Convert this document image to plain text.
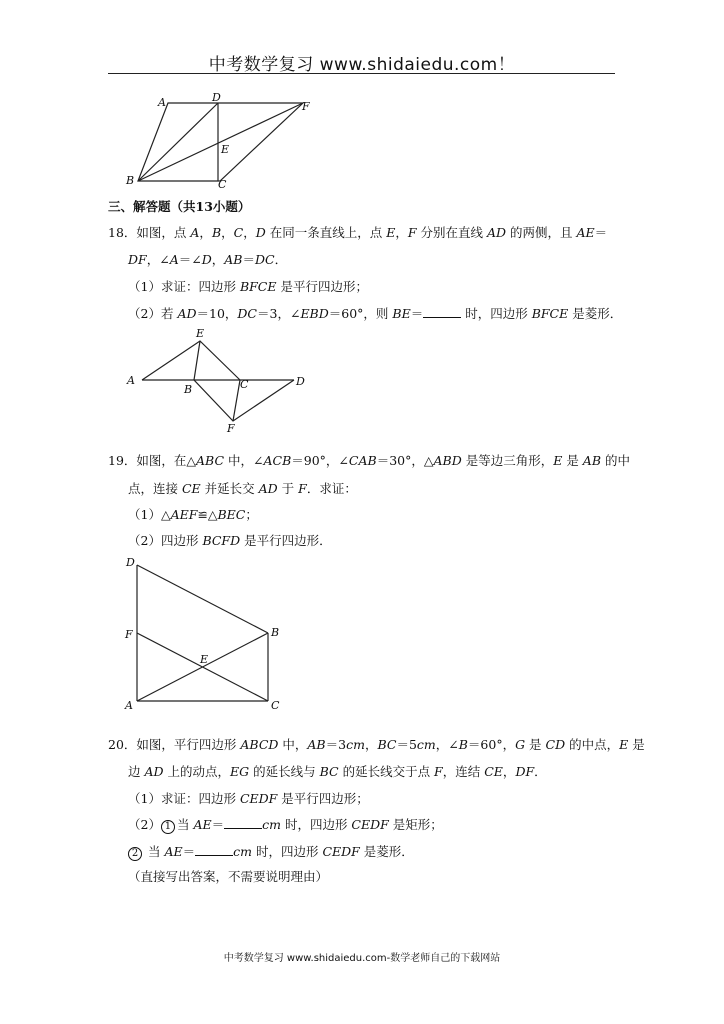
中考数学复习 www.shidaiedu.com！
A	D
F
E
B	C
三、解答题（共13小题）
18．如图，点 A，B，C，D 在同一条直线上，点 E，F 分别在直线 AD 的两侧，且 AE＝
DF，∠A＝∠D，AB＝DC．
（1）求证：四边形 BFCE 是平行四边形；
（2）若 AD＝10，DC＝3，∠EBD＝60°，则 BE＝	时，四边形 BFCE 是菱形．
E
A
B	C	D
F
19．如图，在△ABC 中，∠ACB＝90°，∠CAB＝30°，△ABD 是等边三角形，E 是 AB 的中
点，连接 CE 并延长交 AD 于 F．求证：
（1）△AEF≌△BEC；
（2）四边形 BCFD 是平行四边形．
D
F	B
E
A	C
20．如图，平行四边形 ABCD 中，AB＝3cm，BC＝5cm，∠B＝60°，G 是 CD 的中点，E 是
边 AD 上的动点，EG 的延长线与 BC 的延长线交于点 F，连结 CE，DF．
（1）求证：四边形 CEDF 是平行四边形；
（2） 1 当 AE＝	cm 时，四边形 CEDF 是矩形；
2 当 AE＝	cm 时，四边形 CEDF 是菱形．
（直接写出答案，不需要说明理由）
中考数学复习 www.shidaiedu.com-数学老师自己的下载网站
